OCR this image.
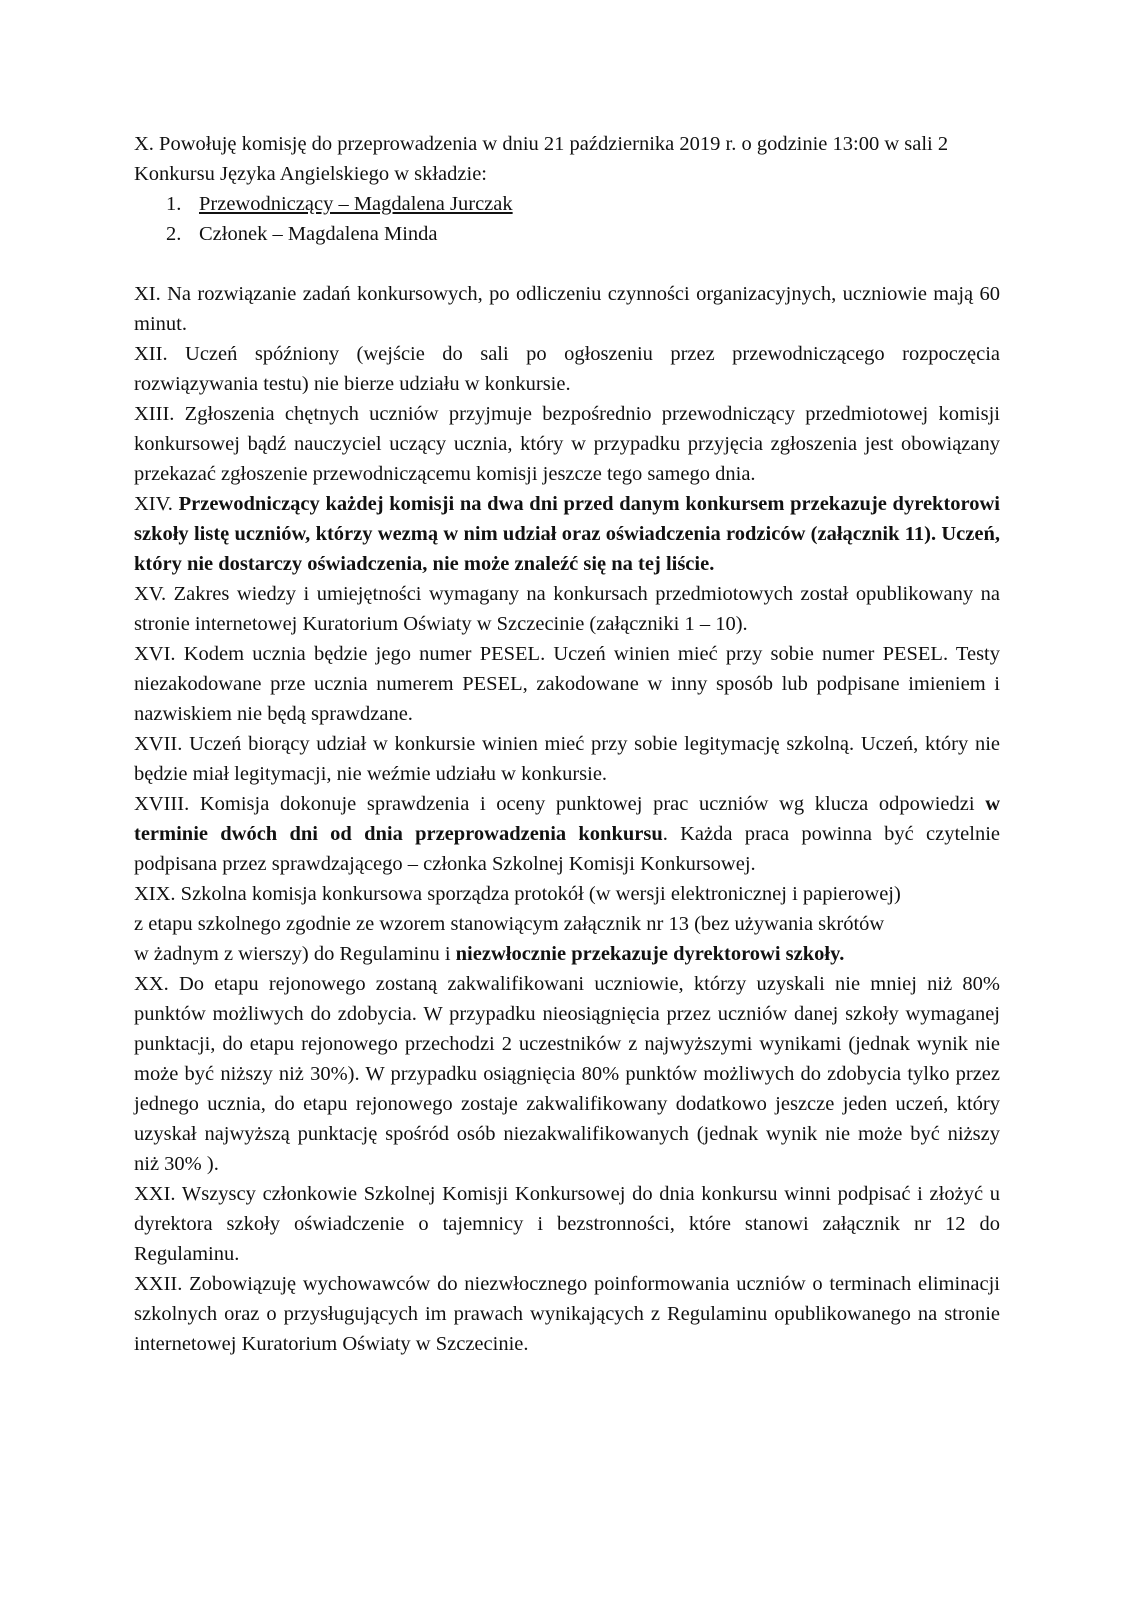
X. Powołuję komisję do przeprowadzenia w dniu 21 października 2019 r. o godzinie 13:00 w sali 2 Konkursu Języka Angielskiego w składzie:

1. Przewodniczący – Magdalena Jurczak
2. Członek – Magdalena Minda

XI. Na rozwiązanie zadań konkursowych, po odliczeniu czynności organizacyjnych, uczniowie mają 60 minut.

XII. Uczeń spóźniony (wejście do sali po ogłoszeniu przez przewodniczącego rozpoczęcia rozwiązywania testu) nie bierze udziału w konkursie.

XIII. Zgłoszenia chętnych uczniów przyjmuje bezpośrednio przewodniczący przedmiotowej komisji konkursowej bądź nauczyciel uczący ucznia, który w przypadku przyjęcia zgłoszenia jest obowiązany przekazać zgłoszenie przewodniczącemu komisji jeszcze tego samego dnia.

XIV. Przewodniczący każdej komisji na dwa dni przed danym konkursem przekazuje dyrektorowi szkoły listę uczniów, którzy wezmą w nim udział oraz oświadczenia rodziców (załącznik 11). Uczeń, który nie dostarczy oświadczenia, nie może znaleźć się na tej liście.

XV. Zakres wiedzy i umiejętności wymagany na konkursach przedmiotowych został opublikowany na stronie internetowej Kuratorium Oświaty w Szczecinie (załączniki 1 – 10).

XVI. Kodem ucznia będzie jego numer PESEL. Uczeń winien mieć przy sobie numer PESEL. Testy niezakodowane prze ucznia numerem PESEL, zakodowane w inny sposób lub podpisane imieniem i nazwiskiem nie będą sprawdzane.

XVII. Uczeń biorący udział w konkursie winien mieć przy sobie legitymację szkolną. Uczeń, który nie będzie miał legitymacji, nie weźmie udziału w konkursie.

XVIII. Komisja dokonuje sprawdzenia i oceny punktowej prac uczniów wg klucza odpowiedzi w terminie dwóch dni od dnia przeprowadzenia konkursu. Każda praca powinna być czytelnie podpisana przez sprawdzającego – członka Szkolnej Komisji Konkursowej.

XIX. Szkolna komisja konkursowa sporządza protokół (w wersji elektronicznej i papierowej)
z etapu szkolnego zgodnie ze wzorem stanowiącym załącznik nr 13 (bez używania skrótów
w żadnym z wierszy) do Regulaminu i niezwłocznie przekazuje dyrektorowi szkoły.

XX. Do etapu rejonowego zostaną zakwalifikowani uczniowie, którzy uzyskali nie mniej niż 80% punktów możliwych do zdobycia. W przypadku nieosiągnięcia przez uczniów danej szkoły wymaganej punktacji, do etapu rejonowego przechodzi 2 uczestników z najwyższymi wynikami (jednak wynik nie może być niższy niż 30%). W przypadku osiągnięcia 80% punktów możliwych do zdobycia tylko przez jednego ucznia, do etapu rejonowego zostaje zakwalifikowany dodatkowo jeszcze jeden uczeń, który uzyskał najwyższą punktację spośród osób niezakwalifikowanych (jednak wynik nie może być niższy niż 30% ).

XXI. Wszyscy członkowie Szkolnej Komisji Konkursowej do dnia konkursu winni podpisać i złożyć u dyrektora szkoły oświadczenie o tajemnicy i bezstronności, które stanowi załącznik nr 12 do Regulaminu.

XXII. Zobowiązuję wychowawców do niezwłocznego poinformowania uczniów o terminach eliminacji szkolnych oraz o przysługujących im prawach wynikających z Regulaminu opublikowanego na stronie internetowej Kuratorium Oświaty w Szczecinie.
